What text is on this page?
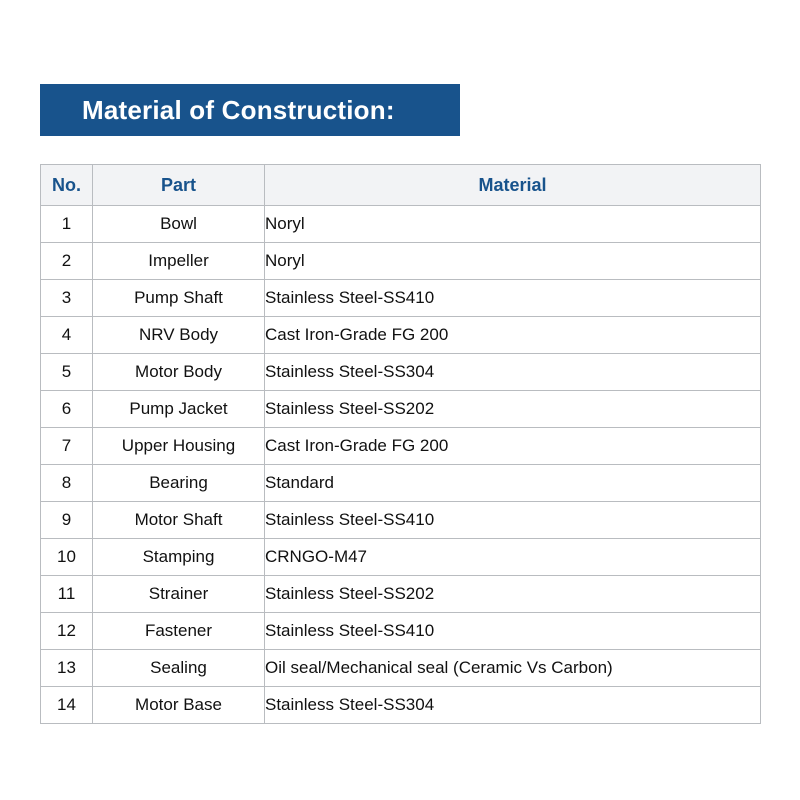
Material of Construction:
No.	Part	Material
1	Bowl	Noryl
2	Impeller	Noryl
3	Pump Shaft	Stainless Steel-SS410
4	NRV Body	Cast Iron-Grade FG 200
5	Motor Body	Stainless Steel-SS304
6	Pump Jacket	Stainless Steel-SS202
7	Upper Housing	Cast Iron-Grade FG 200
8	Bearing	Standard
9	Motor Shaft	Stainless Steel-SS410
10	Stamping	CRNGO-M47
11	Strainer	Stainless Steel-SS202
12	Fastener	Stainless Steel-SS410
13	Sealing	Oil seal/Mechanical seal (Ceramic Vs Carbon)
14	Motor Base	Stainless Steel-SS304
